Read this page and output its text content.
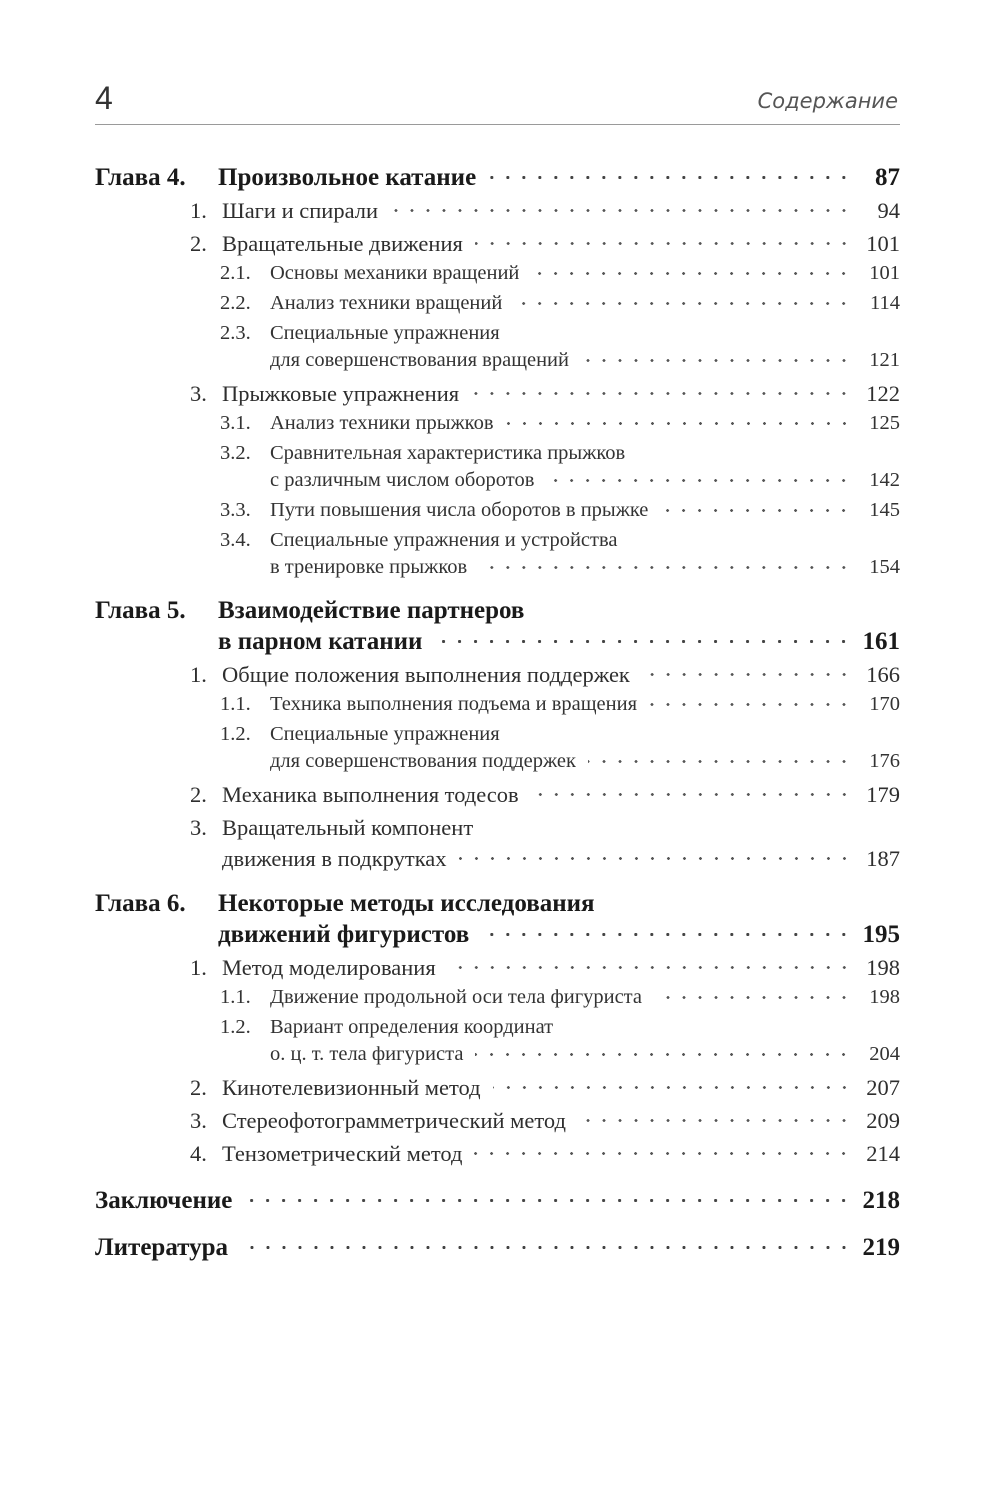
4	Содержание
Глава 4.	Произвольное катание	87
1. Шаги и спирали	94
2. Вращательные движения	101
2.1. Основы механики вращений	101
2.2. Анализ техники вращений	114
2.3. Специальные упражнения
для совершенствования вращений	121
3. Прыжковые упражнения	122
3.1. Анализ техники прыжков	125
3.2. Сравнительная характеристика прыжков
с различным числом оборотов	142
3.3. Пути повышения числа оборотов в прыжке	145
3.4. Специальные упражнения и устройства
в тренировке прыжков	154
Глава 5.	Взаимодействие партнеров
в парном катании	161
1. Общие положения выполнения поддержек	166
1.1. Техника выполнения подъема и вращения	170
1.2. Специальные упражнения
для совершенствования поддержек	176
2. Механика выполнения тодесов	179
3. Вращательный компонент
движения в подкрутках	187
Глава 6.	Некоторые методы исследования
движений фигуристов	195
1. Метод моделирования	198
1.1. Движение продольной оси тела фигуриста	198
1.2. Вариант определения координат
о. ц. т. тела фигуриста	204
2. Кинотелевизионный метод	207
3. Стереофотограмметрический метод	209
4. Тензометрический метод	214
Заключение	218
Литература	219
